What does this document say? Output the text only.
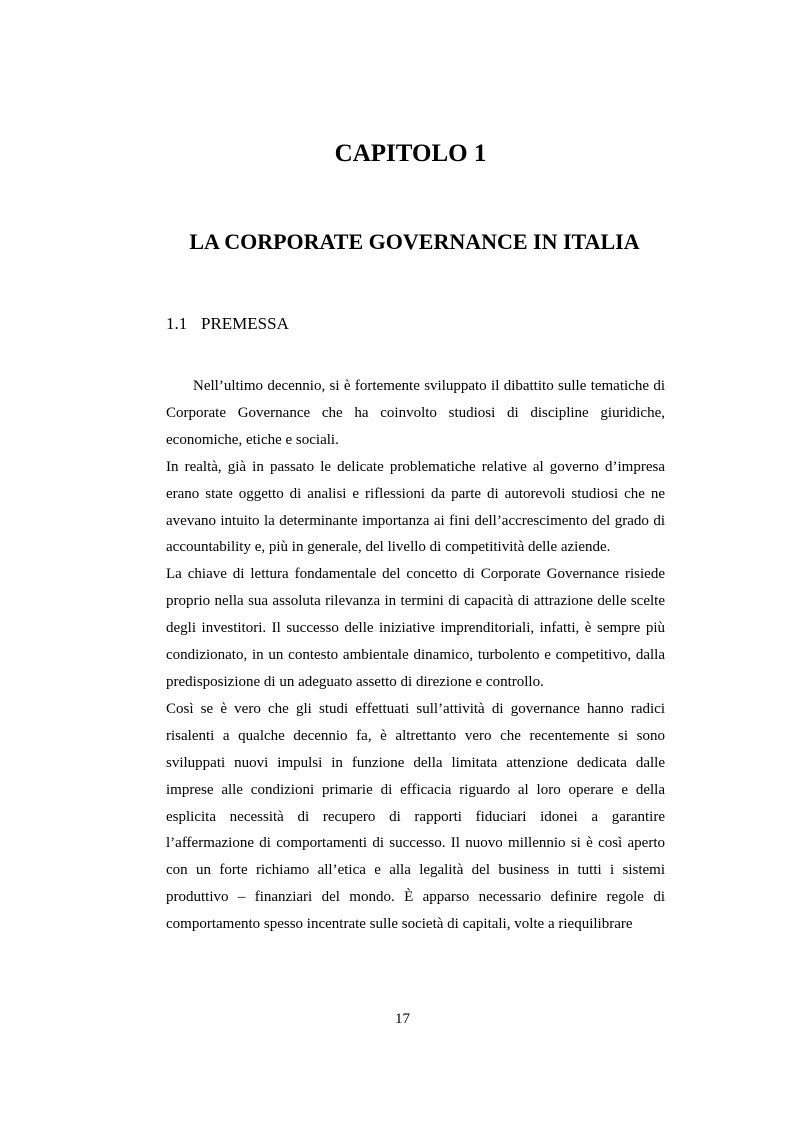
CAPITOLO 1
LA CORPORATE GOVERNANCE IN ITALIA
1.1 PREMESSA

Nell’ultimo decennio, si è fortemente sviluppato il dibattito sulle tematiche di Corporate Governance che ha coinvolto studiosi di discipline giuridiche, economiche, etiche e sociali.

In realtà, già in passato le delicate problematiche relative al governo d’impresa erano state oggetto di analisi e riflessioni da parte di autorevoli studiosi che ne avevano intuito la determinante importanza ai fini dell’accrescimento del grado di accountability e, più in generale, del livello di competitività delle aziende.

La chiave di lettura fondamentale del concetto di Corporate Governance risiede proprio nella sua assoluta rilevanza in termini di capacità di attrazione delle scelte degli investitori. Il successo delle iniziative imprenditoriali, infatti, è sempre più condizionato, in un contesto ambientale dinamico, turbolento e competitivo, dalla predisposizione di un adeguato assetto di direzione e controllo.

Così se è vero che gli studi effettuati sull’attività di governance hanno radici risalenti a qualche decennio fa, è altrettanto vero che recentemente si sono sviluppati nuovi impulsi in funzione della limitata attenzione dedicata dalle imprese alle condizioni primarie di efficacia riguardo al loro operare e della esplicita necessità di recupero di rapporti fiduciari idonei a garantire l’affermazione di comportamenti di successo. Il nuovo millennio si è così aperto con un forte richiamo all’etica e alla legalità del business in tutti i sistemi produttivo – finanziari del mondo. È apparso necessario definire regole di comportamento spesso incentrate sulle società di capitali, volte a riequilibrare

17
